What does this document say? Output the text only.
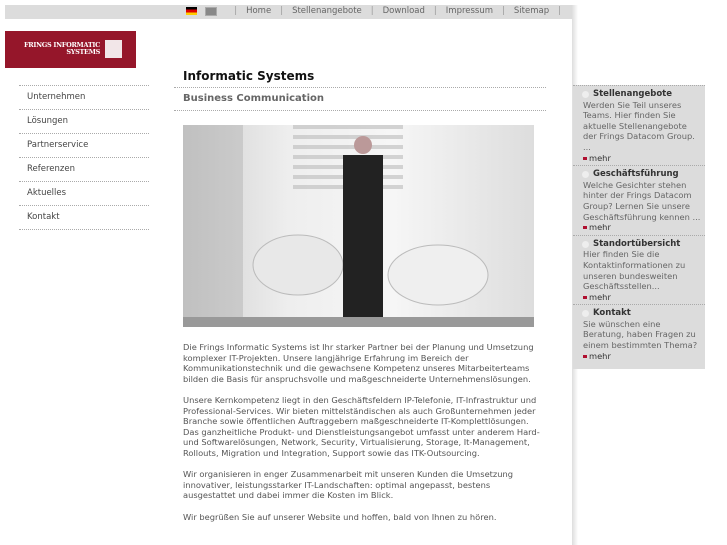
| Home | Stellenangebote | Download | Impressum | Sitemap |
FRINGS INFORMATIC
SYSTEMS
Unternehmen
Lösungen
Partnerservice
Referenzen
Aktuelles
Kontakt
Informatic Systems
Business Communication

Die Frings Informatic Systems ist Ihr starker Partner bei der Planung und Umsetzung komplexer IT-Projekten. Unsere langjährige Erfahrung im Bereich der Kommunikationstechnik und die gewachsene Kompetenz unseres Mitarbeiterteams bilden die Basis für anspruchsvolle und maßgeschneiderte Unternehmenslösungen.

Unsere Kernkompetenz liegt in den Geschäftsfeldern IP-Telefonie, IT-Infrastruktur und Professional-Services. Wir bieten mittelständischen als auch Großunternehmen jeder Branche sowie öffentlichen Auftraggebern maßgeschneiderte IT-Komplettlösungen. Das ganzheitliche Produkt- und Dienstleistungsangebot umfasst unter anderem Hard- und Softwarelösungen, Network, Security, Virtualisierung, Storage, It-Management, Rollouts, Migration und Integration, Support sowie das ITK-Outsourcing.

Wir organisieren in enger Zusammenarbeit mit unseren Kunden die Umsetzung innovativer, leistungsstarker IT-Landschaften: optimal angepasst, bestens ausgestattet und dabei immer die Kosten im Blick.

Wir begrüßen Sie auf unserer Website und hoffen, bald von Ihnen zu hören.

Stellenangebote
Werden Sie Teil unseres Teams. Hier finden Sie aktuelle Stellenangebote der Frings Datacom Group. ...
mehr
Geschäftsführung
Welche Gesichter stehen hinter der Frings Datacom Group? Lernen Sie unsere Geschäftsführung kennen ...
mehr
Standortübersicht
Hier finden Sie die Kontaktinformationen zu unseren bundesweiten Geschäftsstellen...
mehr
Kontakt
Sie wünschen eine Beratung, haben Fragen zu einem bestimmten Thema?
mehr
